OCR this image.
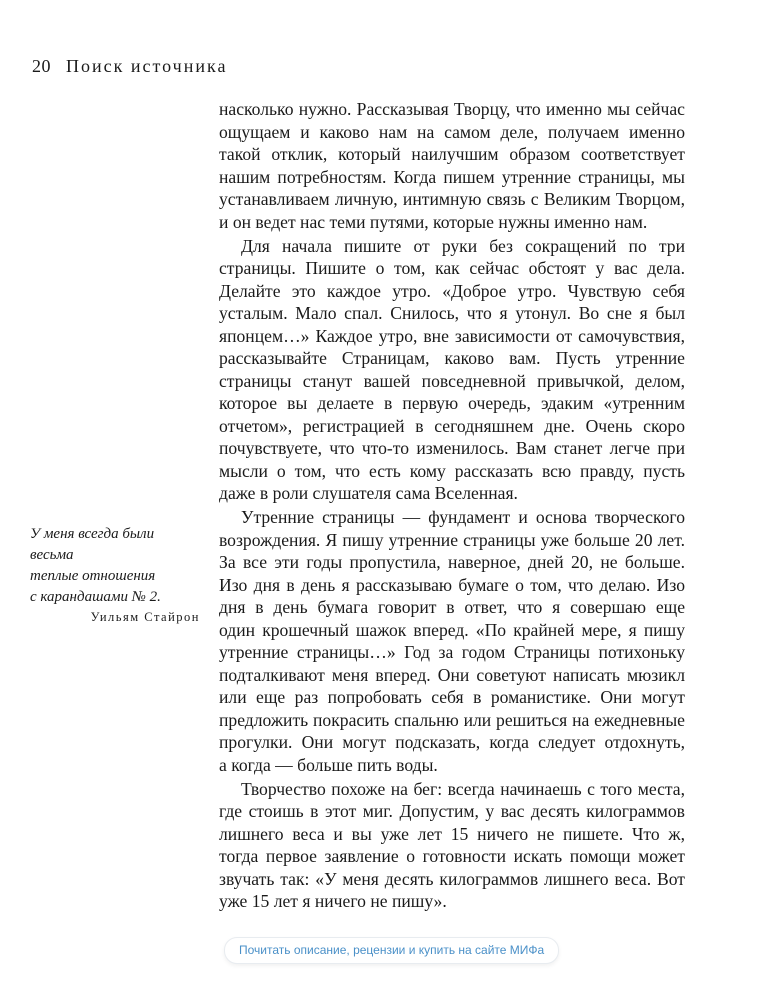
20 Поиск источника
насколько нужно. Рассказывая Творцу, что именно мы сейчас
ощущаем и каково нам на самом деле, получаем именно
такой отклик, который наилучшим образом соответствует
нашим потребностям. Когда пишем утренние страницы, мы
устанавливаем личную, интимную связь с Великим Творцом,
и он ведет нас теми путями, которые нужны именно нам.
Для начала пишите от руки без сокращений по три
страницы. Пишите о том, как сейчас обстоят у вас дела.
Делайте это каждое утро. «Доброе утро. Чувствую себя
усталым. Мало спал. Снилось, что я утонул. Во сне я был
японцем…» Каждое утро, вне зависимости от самочувствия,
рассказывайте Страницам, каково вам. Пусть утренние
страницы станут вашей повседневной привычкой, делом,
которое вы делаете в первую очередь, эдаким «утренним
отчетом», регистрацией в сегодняшнем дне. Очень скоро
почувствуете, что что-то изменилось. Вам станет легче при
мысли о том, что есть кому рассказать всю правду, пусть
даже в роли слушателя сама Вселенная.
Утренние страницы — фундамент и основа творческого
возрождения. Я пишу утренние страницы уже больше 20 лет.
За все эти годы пропустила, наверное, дней 20, не больше.
Изо дня в день я рассказываю бумаге о том, что делаю. Изо
дня в день бумага говорит в ответ, что я совершаю еще
один крошечный шажок вперед. «По крайней мере, я пишу
утренние страницы…» Год за годом Страницы потихоньку
подталкивают меня вперед. Они советуют написать мюзикл
или еще раз попробовать себя в романистике. Они могут
предложить покрасить спальню или решиться на ежедневные
прогулки. Они могут подсказать, когда следует отдохнуть,
а когда — больше пить воды.
Творчество похоже на бег: всегда начинаешь с того места,
где стоишь в этот миг. Допустим, у вас десять килограммов
лишнего веса и вы уже лет 15 ничего не пишете. Что ж,
тогда первое заявление о готовности искать помощи может
звучать так: «У меня десять килограммов лишнего веса. Вот
уже 15 лет я ничего не пишу».
У меня всегда были весьма
теплые отношения
с карандашами № 2.
Уильям Стайрон
Почитать описание, рецензии и купить на сайте МИФа
